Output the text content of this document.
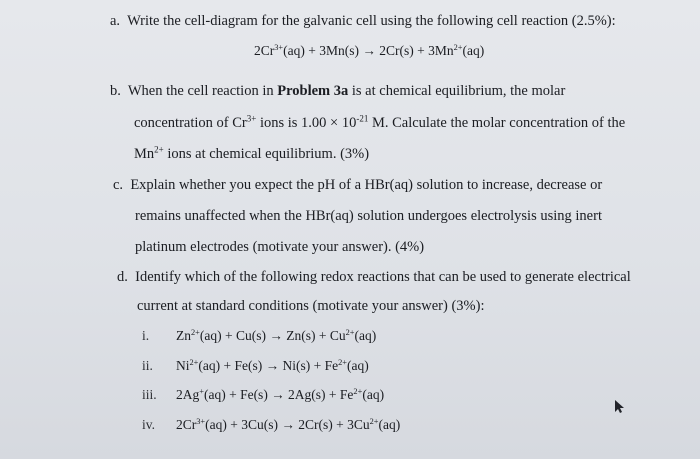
a. Write the cell-diagram for the galvanic cell using the following cell reaction (2.5%):
$2Cr^{3+}(aq) + 3Mn(s) \to 2Cr(s) + 3Mn^{2+}(aq)$
b. When the cell reaction in Problem 3a is at chemical equilibrium, the molar
concentration of $Cr^{3+}$ ions is $1.00 \times 10^{-21}$ M. Calculate the molar concentration of the
$Mn^{2+}$ ions at chemical equilibrium. (3%)
c. Explain whether you expect the pH of a HBr(aq) solution to increase, decrease or
remains unaffected when the HBr(aq) solution undergoes electrolysis using inert
platinum electrodes (motivate your answer). (4%)
d. Identify which of the following redox reactions that can be used to generate electrical
current at standard conditions (motivate your answer) (3%):
i. $Zn^{2+}(aq) + Cu(s) \to Zn(s) + Cu^{2+}(aq)$
ii. $Ni^{2+}(aq) + Fe(s) \to Ni(s) + Fe^{2+}(aq)$
iii. $2Ag^+(aq) + Fe(s) \to 2Ag(s) + Fe^{2+}(aq)$
iv. $2Cr^{3+}(aq) + 3Cu(s) \to 2Cr(s) + 3Cu^{2+}(aq)$
